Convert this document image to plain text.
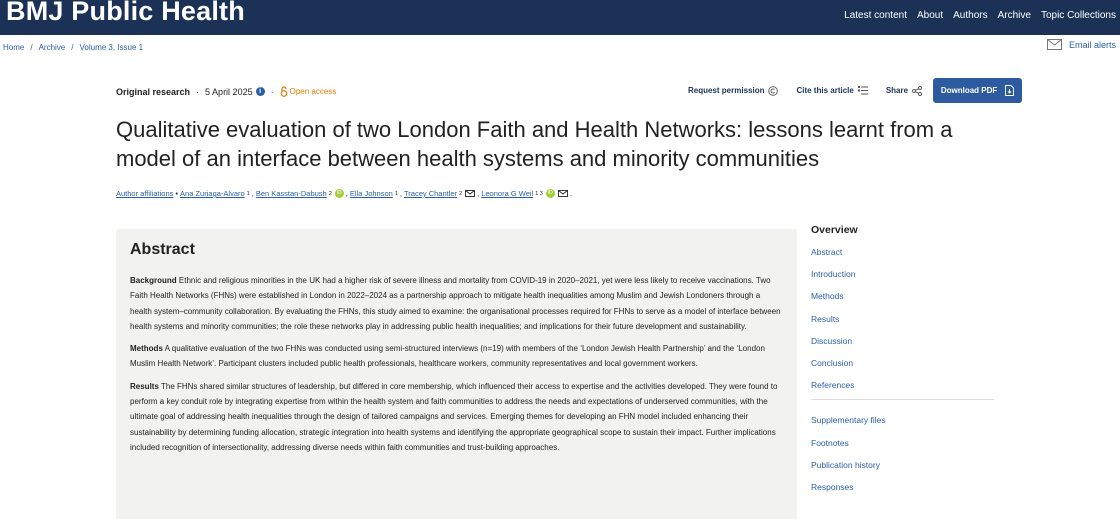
BMJ Public Health	Latest content About Authors Archive Topic Collections
Home / Archive / Volume 3, Issue 1	Email alerts
Original research · 5 April 2025 i	· Open access	Request permission	Cite this article	Share	Download PDF
Qualitative evaluation of two London Faith and Health Networks: lessons learnt from a model of an interface between health systems and minority communities
Author affiliations • Ana Zuriaga-Alvaro 1 , Ben Kasstan-Dabush 2	iD , Ella Johnson 1 , Tracey Chantler 2 , Leonora G Weil 1 3	iD .
Abstract

Background Ethnic and religious minorities in the UK had a higher risk of severe illness and mortality from COVID-19 in 2020–2021, yet were less likely to receive vaccinations. Two Faith Health Networks (FHNs) were established in London in 2022–2024 as a partnership approach to mitigate health inequalities among Muslim and Jewish Londoners through a health system–community collaboration. By evaluating the FHNs, this study aimed to examine: the organisational processes required for FHNs to serve as a model of interface between health systems and minority communities; the role these networks play in addressing public health inequalities; and implications for their future development and sustainability.

Methods A qualitative evaluation of the two FHNs was conducted using semi-structured interviews (n=19) with members of the ‘London Jewish Health Partnership’ and the ‘London Muslim Health Network’. Participant clusters included public health professionals, healthcare workers, community representatives and local government workers.

Results The FHNs shared similar structures of leadership, but differed in core membership, which influenced their access to expertise and the activities developed. They were found to perform a key conduit role by integrating expertise from within the health system and faith communities to address the needs and expectations of underserved communities, with the ultimate goal of addressing health inequalities through the design of tailored campaigns and services. Emerging themes for developing an FHN model included enhancing their sustainability by determining funding allocation, strategic integration into health systems and identifying the appropriate geographical scope to sustain their impact. Further implications included recognition of intersectionality, addressing diverse needs within faith communities and trust-building approaches.

Overview
Abstract
Introduction
Methods
Results
Discussion
Conclusion
References
Supplementary files
Footnotes
Publication history
Responses
